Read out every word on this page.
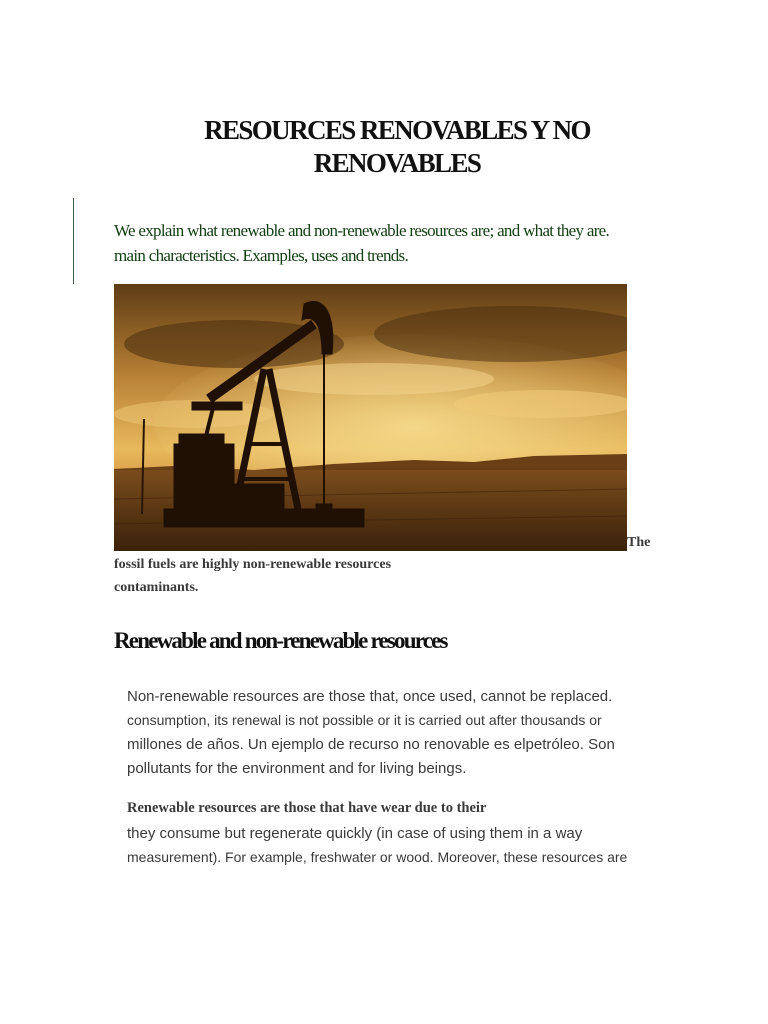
RESOURCES RENOVABLES Y NO
RENOVABLES

We explain what renewable and non-renewable resources are; and what they are.
main characteristics. Examples, uses and trends.

The
fossil fuels are highly non-renewable resources
contaminants.
Renewable and non-renewable resources
Non-renewable resources are those that, once used, cannot be replaced.
consumption, its renewal is not possible or it is carried out after thousands or
millones de años. Un ejemplo de recurso no renovable es elpetróleo. Son
pollutants for the environment and for living beings.
Renewable resources are those that have wear due to their
they consume but regenerate quickly (in case of using them in a way
measurement). For example, freshwater or wood. Moreover, these resources are
